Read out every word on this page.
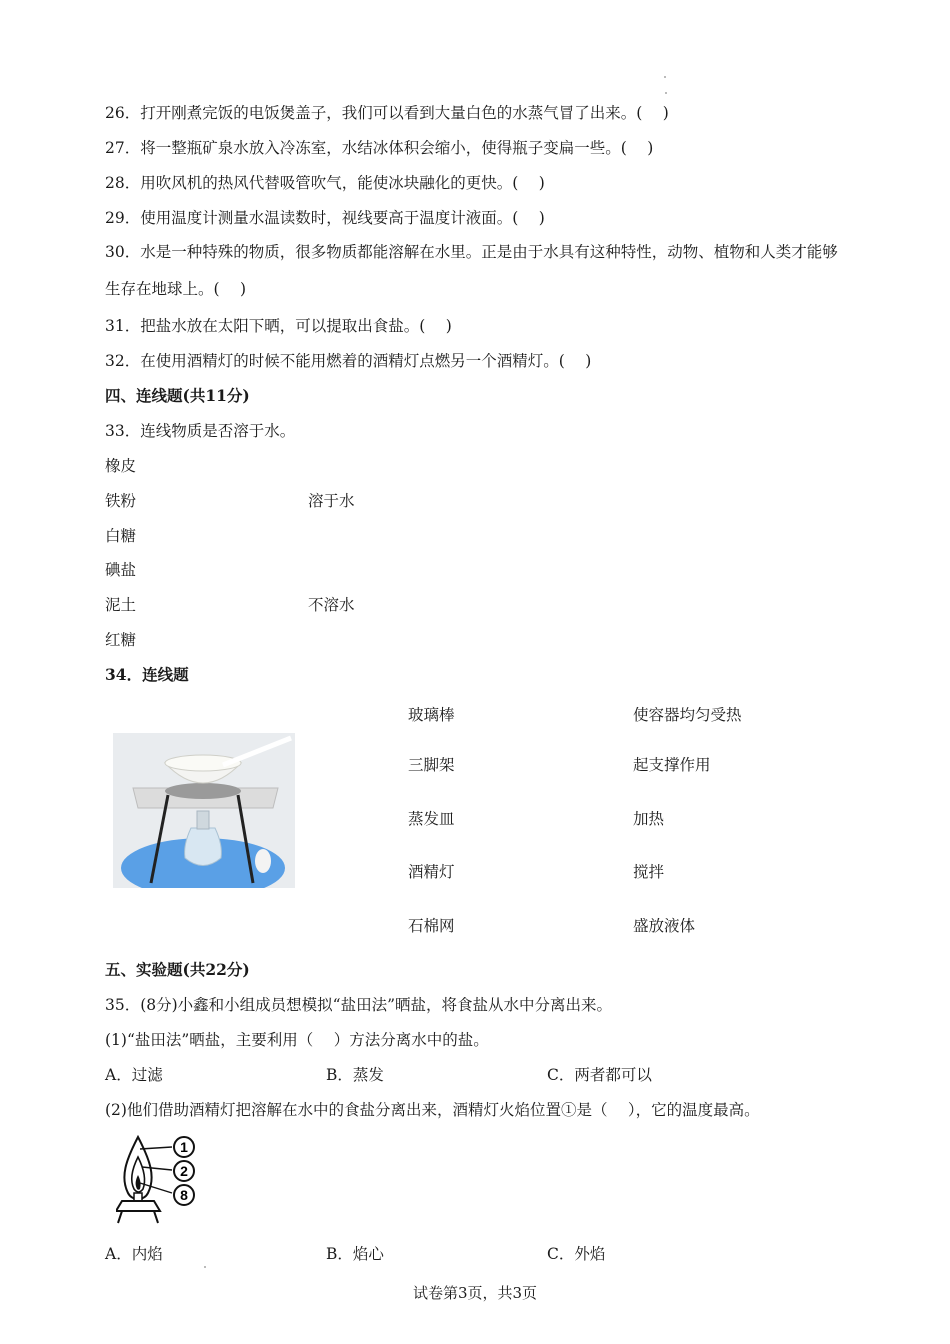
26．打开刚煮完饭的电饭煲盖子，我们可以看到大量白色的水蒸气冒了出来。(　 )
27．将一整瓶矿泉水放入冷冻室，水结冰体积会缩小，使得瓶子变扁一些。(　 )
28．用吹风机的热风代替吸管吹气，能使冰块融化的更快。(　 )
29．使用温度计测量水温读数时，视线要高于温度计液面。(　 )
30．水是一种特殊的物质，很多物质都能溶解在水里。正是由于水具有这种特性，动物、植物和人类才能够生存在地球上。(　 )
31．把盐水放在太阳下晒，可以提取出食盐。(　 )
32．在使用酒精灯的时候不能用燃着的酒精灯点燃另一个酒精灯。(　 )
四、连线题(共11分)
33．连线物质是否溶于水。
橡皮
铁粉
白糖
碘盐
泥土
红糖
溶于水
不溶水
34．连线题
玻璃棒
三脚架
蒸发皿
酒精灯
石棉网
使容器均匀受热
起支撑作用
加热
搅拌
盛放液体
五、实验题(共22分)
35．(8分)小鑫和小组成员想模拟“盐田法”晒盐，将食盐从水中分离出来。
(1)“盐田法”晒盐，主要利用（　 ）方法分离水中的盐。
A．过滤	B．蒸发	C．两者都可以
(2)他们借助酒精灯把溶解在水中的食盐分离出来，酒精灯火焰位置①是（　 ），它的温度最高。
1
2
8
A．内焰	B．焰心	C．外焰
试卷第3页，共3页
